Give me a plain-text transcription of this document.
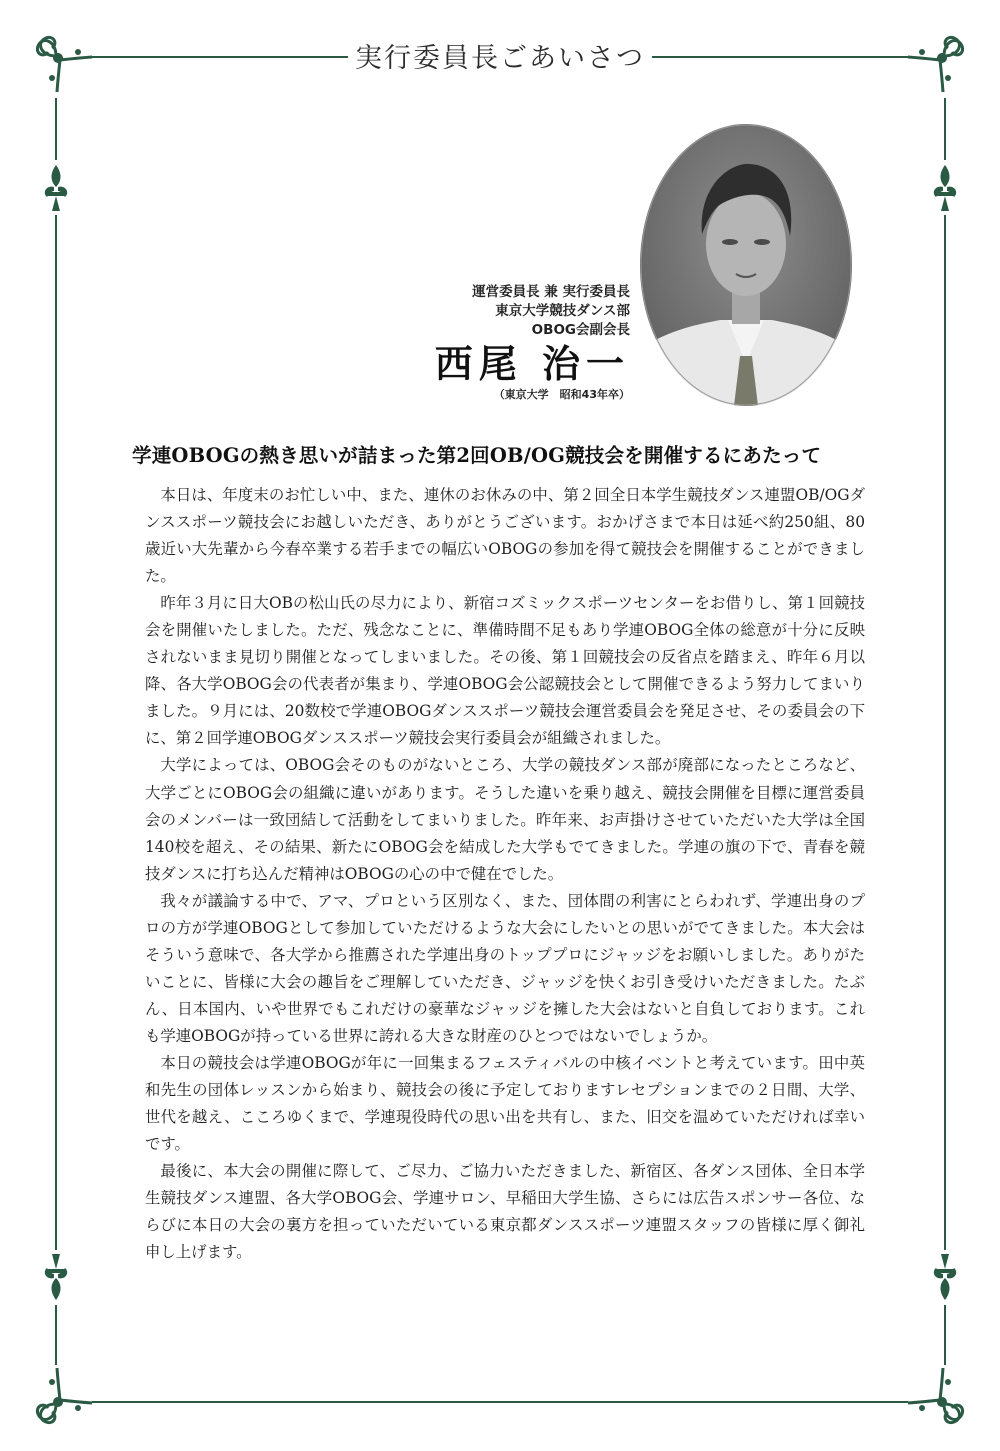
実行委員長ごあいさつ
運営委員長 兼 実行委員長
東京大学競技ダンス部
OBOG会副会長
西尾 治一
（東京大学　昭和43年卒）
学連OBOGの熱き思いが詰まった第2回OB/OG競技会を開催するにあたって

本日は、年度末のお忙しい中、また、連休のお休みの中、第２回全日本学生競技ダンス連盟OB/OGダンススポーツ競技会にお越しいただき、ありがとうございます。おかげさまで本日は延べ約250組、80歳近い大先輩から今春卒業する若手までの幅広いOBOGの参加を得て競技会を開催することができました。

昨年３月に日大OBの松山氏の尽力により、新宿コズミックスポーツセンターをお借りし、第１回競技会を開催いたしました。ただ、残念なことに、準備時間不足もあり学連OBOG全体の総意が十分に反映されないまま見切り開催となってしまいました。その後、第１回競技会の反省点を踏まえ、昨年６月以降、各大学OBOG会の代表者が集まり、学連OBOG会公認競技会として開催できるよう努力してまいりました。９月には、20数校で学連OBOGダンススポーツ競技会運営委員会を発足させ、その委員会の下に、第２回学連OBOGダンススポーツ競技会実行委員会が組織されました。

大学によっては、OBOG会そのものがないところ、大学の競技ダンス部が廃部になったところなど、大学ごとにOBOG会の組織に違いがあります。そうした違いを乗り越え、競技会開催を目標に運営委員会のメンバーは一致団結して活動をしてまいりました。昨年来、お声掛けさせていただいた大学は全国140校を超え、その結果、新たにOBOG会を結成した大学もでてきました。学連の旗の下で、青春を競技ダンスに打ち込んだ精神はOBOGの心の中で健在でした。

我々が議論する中で、アマ、プロという区別なく、また、団体間の利害にとらわれず、学連出身のプロの方が学連OBOGとして参加していただけるような大会にしたいとの思いがでてきました。本大会はそういう意味で、各大学から推薦された学連出身のトッププロにジャッジをお願いしました。ありがたいことに、皆様に大会の趣旨をご理解していただき、ジャッジを快くお引き受けいただきました。たぶん、日本国内、いや世界でもこれだけの豪華なジャッジを擁した大会はないと自負しております。これも学連OBOGが持っている世界に誇れる大きな財産のひとつではないでしょうか。

本日の競技会は学連OBOGが年に一回集まるフェスティバルの中核イベントと考えています。田中英和先生の団体レッスンから始まり、競技会の後に予定しておりますレセプションまでの２日間、大学、世代を越え、こころゆくまで、学連現役時代の思い出を共有し、また、旧交を温めていただければ幸いです。

最後に、本大会の開催に際して、ご尽力、ご協力いただきました、新宿区、各ダンス団体、全日本学生競技ダンス連盟、各大学OBOG会、学連サロン、早稲田大学生協、さらには広告スポンサー各位、ならびに本日の大会の裏方を担っていただいている東京都ダンススポーツ連盟スタッフの皆様に厚く御礼申し上げます。
